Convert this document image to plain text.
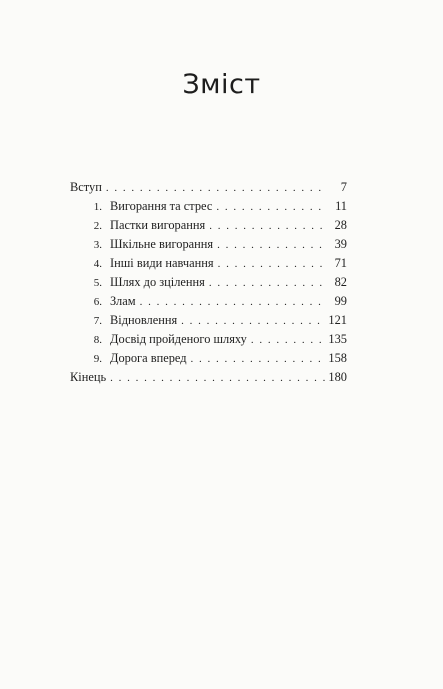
Зміст
Вступ . . .	7
1. Вигорання та стрес . . .	11
2. Пастки вигорання . . .	28
3. Шкільне вигорання . . .	39
4. Інші види навчання . . .	71
5. Шлях до зцілення . . .	82
6. Злам . . .	99
7. Відновлення . . .	121
8. Досвід пройденого шляху . . .	135
9. Дорога вперед . . .	158
Кінець . . .	180
